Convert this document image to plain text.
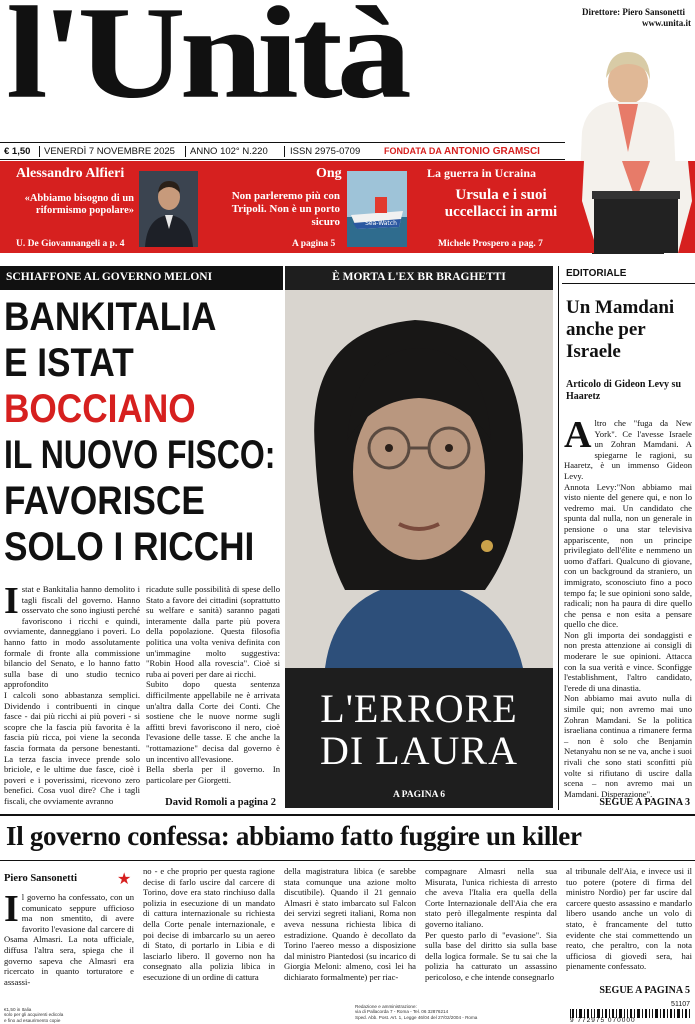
l'Unità	Direttore: Piero Sansonetti
www.unita.it
€ 1,50 VENERDÌ 7 NOVEMBRE 2025 ANNO 102° N.220 ISSN 2975-0709	FONDATA DA ANTONIO GRAMSCI
Alessandro Alfieri
«Abbiamo bisogno di un riformismo popolare»
U. De Giovannangeli a p. 4
Ong
Non parleremo più con Tripoli. Non è un porto sicuro
A pagina 5
Sea-Watch
La guerra in Ucraina
Ursula e i suoi uccellacci in armi
Michele Prospero a pag. 7
SCHIAFFONE AL GOVERNO MELONI
BANKITALIA
E ISTAT
BOCCIANO
IL NUOVO FISCO:
FAVORISCE
SOLO I RICCHI
I stat e Bankitalia hanno demolito i tagli fiscali del governo. Hanno osservato che sono ingiusti perché favoriscono i ricchi e quindi, ovviamente, danneggiano i poveri. Lo hanno fatto in modo assolutamente formale di fronte alla commissione bilancio del Senato, e lo hanno fatto sulla base di uno studio tecnico approfondito
I calcoli sono abbastanza semplici. Dividendo i contribuenti in cinque fasce - dai più ricchi ai più poveri - si scopre che la fascia più favorita è la fascia più ricca, poi viene la seconda fascia formata da persone benestanti. La terza fascia invece prende solo briciole, e le ultime due fasce, cioè i poveri e i poverissimi, ricevono zero benefici. Cosa vuol dire? Che i tagli fiscali, che ovviamente avranno

ricadute sulle possibilità di spese dello Stato a favore dei cittadini (soprattutto su welfare e sanità) saranno pagati interamente dalla parte più povera della popolazione. Questa filosofia politica una volta veniva definita con un'immagine molto suggestiva: "Robin Hood alla rovescia". Cioè si ruba ai poveri per dare ai ricchi.
Subito dopo questa sentenza difficilmente appellabile ne è arrivata un'altra dalla Corte dei Conti. Che sostiene che le nuove norme sugli affitti brevi favoriscono il nero, cioè l'evasione delle tasse. E che anche la "rottamazione" decisa dal governo è un incentivo all'evasione.
Bella sberla per il governo. In particolare per Giorgetti.

David Romoli a pagina 2
È MORTA L'EX BR BRAGHETTI
L'ERRORE
DI LAURA
A PAGINA 6
EDITORIALE
Un Mamdani anche per Israele
Articolo di Gideon Levy su Haaretz
A ltro che "fuga da New York". Ce l'avesse Israele un Zohran Mamdani. A spiegarne le ragioni, su Haaretz, è un immenso Gideon Levy.
Annota Levy:"Non abbiamo mai visto niente del genere qui, e non lo vedremo mai. Un candidato che spunta dal nulla, non un generale in pensione o una star televisiva appariscente, non un principe privilegiato dell'élite e nemmeno un uomo d'affari. Qualcuno di giovane, con un background da straniero, un immigrato, sconosciuto fino a poco tempo fa; le sue opinioni sono salde, radicali; non ha paura di dire quello che pensa e non esita a pensare quello che dice.
Non gli importa dei sondaggisti e non presta attenzione ai consigli di moderare le sue opinioni. Attacca con la sua verità e vince. Sconfigge l'establishment, l'altro candidato, l'erede di una dinastia.
Non abbiamo mai avuto nulla di simile qui; non avremo mai uno Zohran Mamdani. Se la politica israeliana continua a rimanere ferma – non è solo che Benjamin Netanyahu non se ne va, anche i suoi rivali che sono stati sconfitti più volte si rifiutano di uscire dalla scena – non avremo mai un Mamdani. Disperazione".

SEGUE A PAGINA 3
Il governo confessa: abbiamo fatto fuggire un killer
Piero Sansonetti ★
I l governo ha confessato, con un comunicato seppure ufficioso ma non smentito, di avere favorito l'evasione dal carcere di Osama Almasri. La nota ufficiale, diffusa l'altra sera, spiega che il governo sapeva che Almasri era ricercato in quanto torturatore e assassi-

no - e che proprio per questa ragione decise di farlo uscire dal carcere di Torino, dove era stato rinchiuso dalla polizia in esecuzione di un mandato di cattura internazionale su richiesta della Corte penale internazionale, e poi decise di imbarcarlo su un aereo di Stato, di portarlo in Libia e di lasciarlo libero. Il governo non ha consegnato alla polizia libica in esecuzione di un ordine di cattura

della magistratura libica (e sarebbe stata comunque una azione molto discutibile). Quando il 21 gennaio Almasri è stato imbarcato sul Falcon dei servizi segreti italiani, Roma non aveva nessuna richiesta libica di estradizione. Quando è decollato da Torino l'aereo messo a disposizione dal ministro Piantedosi (su incarico di Giorgia Meloni: almeno, così lei ha dichiarato formalmente) per riac-

compagnare Almasri nella sua Misurata, l'unica richiesta di arresto che aveva l'Italia era quella della Corte Internazionale dell'Aia che era stato però illegalmente respinta dal governo italiano.
Per questo parlo di "evasione". Sia sulla base del diritto sia sulla base della logica formale. Se tu sai che la polizia ha catturato un assassino pericoloso, e che intende consegnarlo

al tribunale dell'Aia, e invece usi il tuo potere (potere di firma del ministro Nordio) per far uscire dal carcere questo assassino e mandarlo libero usando anche un volo di stato, è francamente del tutto evidente che stai commettendo un reato, che peraltro, con la nota ufficiosa di giovedì sera, hai pienamente confessato.

SEGUE A PAGINA 5
€1,50 in Italia
solo per gli acquirenti edicola
e fino ad esaurimento copie
Redazione e amministrazione:
via di Pallacorda 7 - Roma - Tel. 06 32876214
Sped. Abb. Post. Art. 1, Legge 46/04 del 27/02/2004 - Roma
51107
9 772975 070000
